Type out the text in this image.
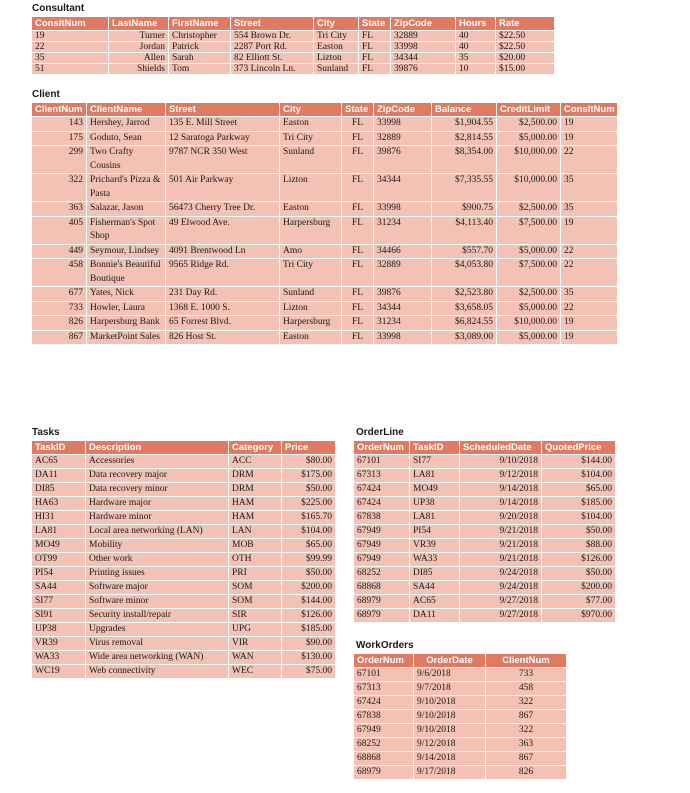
Consultant
ConsltNum	LastName	FirstName	Street	City	State	ZipCode	Hours	Rate
19	Turner	Christopher	554 Brown Dr.	Tri City	FL	32889	40	$22.50
22	Jordan	Patrick	2287 Port Rd.	Easton	FL	33998	40	$22.50
35	Allen	Sarah	82 Elliott St.	Lizton	FL	34344	35	$20.00
51	Shields	Tom	373 Lincoln Ln.	Sunland	FL	39876	10	$15.00
Client
ClientNum	ClientName	Street	City	State	ZipCode	Balance	CreditLimit	ConsltNum
143	Hershey, Jarrod	135 E. Mill Street	Easton	FL	33998	$1,904.55	$2,500.00	19
175	Goduto, Sean	12 Saratoga Parkway	Tri City	FL	32889	$2,814.55	$5,000.00	19
299	Two Crafty Cousins	9787 NCR 350 West	Sunland	FL	39876	$8,354.00	$10,000.00	22
322	Prichard's Pizza & Pasta	501 Air Parkway	Lizton	FL	34344	$7,335.55	$10,000.00	35
363	Salazar, Jason	56473 Cherry Tree Dr.	Easton	FL	33998	$900.75	$2,500.00	35
405	Fisherman's Spot Shop	49 Elwood Ave.	Harpersburg	FL	31234	$4,113.40	$7,500.00	19
449	Seymour, Lindsey	4091 Brentwood Ln	Amo	FL	34466	$557.70	$5,000.00	22
458	Bonnie's Beautiful Boutique	9565 Ridge Rd.	Tri City	FL	32889	$4,053.80	$7,500.00	22
677	Yates, Nick	231 Day Rd.	Sunland	FL	39876	$2,523.80	$2,500.00	35
733	Howler, Laura	1368 E. 1000 S.	Lizton	FL	34344	$3,658.05	$5,000.00	22
826	Harpersburg Bank	65 Forrest Blvd.	Harpersburg	FL	31234	$6,824.55	$10,000.00	19
867	MarketPoint Sales	826 Host St.	Easton	FL	33998	$3,089.00	$5,000.00	19
Tasks
TaskID	Description	Category	Price
AC65	Accessories	ACC	$80.00
DA11	Data recovery major	DRM	$175.00
DI85	Data recovery minor	DRM	$50.00
HA63	Hardware major	HAM	$225.00
HI31	Hardware minor	HAM	$165.70
LA81	Local area networking (LAN)	LAN	$104.00
MO49	Mobility	MOB	$65.00
OT99	Other work	OTH	$99.99
PI54	Printing issues	PRI	$50.00
SA44	Software major	SOM	$200.00
SI77	Software minor	SOM	$144.00
SI91	Security install/repair	SIR	$126.00
UP38	Upgrades	UPG	$185.00
VR39	Virus removal	VIR	$90.00
WA33	Wide area networking (WAN)	WAN	$130.00
WC19	Web connectivity	WEC	$75.00
OrderLine
OrderNum	TaskID	ScheduledDate	QuotedPrice
67101	SI77	9/10/2018	$144.00
67313	LA81	9/12/2018	$104.00
67424	MO49	9/14/2018	$65.00
67424	UP38	9/14/2018	$185.00
67838	LA81	9/20/2018	$104.00
67949	PI54	9/21/2018	$50.00
67949	VR39	9/21/2018	$88.00
67949	WA33	9/21/2018	$126.00
68252	DI85	9/24/2018	$50.00
68868	SA44	9/24/2018	$200.00
68979	AC65	9/27/2018	$77.00
68979	DA11	9/27/2018	$970.00
WorkOrders
OrderNum	OrderDate	ClientNum
67101	9/6/2018	733
67313	9/7/2018	458
67424	9/10/2018	322
67838	9/10/2018	867
67949	9/10/2018	322
68252	9/12/2018	363
68868	9/14/2018	867
68979	9/17/2018	826
